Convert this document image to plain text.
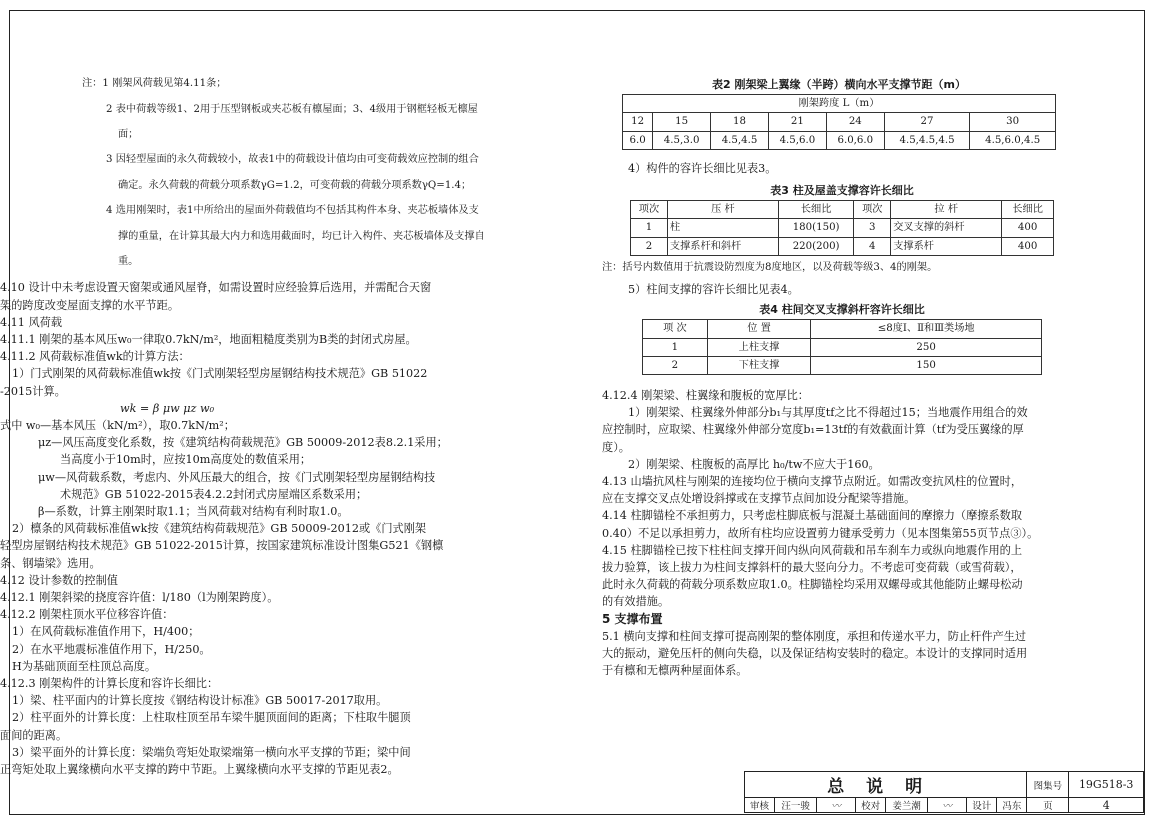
注：1 刚架风荷载见第4.11条；

2 表中荷载等级1、2用于压型钢板或夹芯板有檩屋面；3、4级用于钢框轻板无檩屋

面；

3 因轻型屋面的永久荷载较小，故表1中的荷载设计值均由可变荷载效应控制的组合

确定。永久荷载的荷载分项系数γG=1.2，可变荷载的荷载分项系数γQ=1.4；

4 选用刚架时，表1中所给出的屋面外荷载值均不包括其构件本身、夹芯板墙体及支

撑的重量，在计算其最大内力和选用截面时，均已计入构件、夹芯板墙体及支撑自

重。

4.10 设计中未考虑设置天窗架或通风屋脊，如需设置时应经验算后选用，并需配合天窗

架的跨度改变屋面支撑的水平节距。

4.11 风荷载

4.11.1 刚架的基本风压w₀一律取0.7kN/m²，地面粗糙度类别为B类的封闭式房屋。

4.11.2 风荷载标准值wk的计算方法：

1）门式刚架的风荷载标准值wk按《门式刚架轻型房屋钢结构技术规范》GB 51022

-2015计算。

wk = β μw μz w₀

式中 w₀—基本风压（kN/m²），取0.7kN/m²；

μz—风压高度变化系数，按《建筑结构荷载规范》GB 50009-2012表8.2.1采用；

当高度小于10m时，应按10m高度处的数值采用；

μw—风荷载系数，考虑内、外风压最大的组合，按《门式刚架轻型房屋钢结构技

术规范》GB 51022-2015表4.2.2封闭式房屋端区系数采用；

β—系数，计算主刚架时取1.1；当风荷载对结构有利时取1.0。

2）檩条的风荷载标准值wk按《建筑结构荷载规范》GB 50009-2012或《门式刚架

轻型房屋钢结构技术规范》GB 51022-2015计算，按国家建筑标准设计图集G521《钢檩

条、钢墙梁》选用。

4.12 设计参数的控制值

4.12.1 刚架斜梁的挠度容许值：l/180（l为刚架跨度）。

4.12.2 刚架柱顶水平位移容许值：

1）在风荷载标准值作用下，H/400；

2）在水平地震标准值作用下，H/250。

H为基础顶面至柱顶总高度。

4.12.3 刚架构件的计算长度和容许长细比：

1）梁、柱平面内的计算长度按《钢结构设计标准》GB 50017-2017取用。

2）柱平面外的计算长度：上柱取柱顶至吊车梁牛腿顶面间的距离；下柱取牛腿顶

面间的距离。

3）梁平面外的计算长度：梁端负弯矩处取梁端第一横向水平支撑的节距；梁中间

正弯矩处取上翼缘横向水平支撑的跨中节距。上翼缘横向水平支撑的节距见表2。

表2 刚架梁上翼缘（半跨）横向水平支撑节距（m）

刚架跨度 L（m）						
12	15	18	21	24	27	30
6.0	4.5,3.0	4.5,4.5	4.5,6.0	6.0,6.0	4.5,4.5,4.5	4.5,6.0,4.5

4）构件的容许长细比见表3。

表3 柱及屋盖支撑容许长细比

项次	压 杆	长细比	项次	拉 杆	长细比
1	柱	180(150)	3	交叉支撑的斜杆	400
2	支撑系杆和斜杆	220(200)	4	支撑系杆	400

注：括号内数值用于抗震设防烈度为8度地区，以及荷载等级3、4的刚架。

5）柱间支撑的容许长细比见表4。

表4 柱间交叉支撑斜杆容许长细比

项 次	位 置	≤8度Ⅰ、Ⅱ和Ⅲ类场地
1	上柱支撑	250
2	下柱支撑	150

4.12.4 刚架梁、柱翼缘和腹板的宽厚比：

1）刚架梁、柱翼缘外伸部分b₁与其厚度tf之比不得超过15；当地震作用组合的效

应控制时，应取梁、柱翼缘外伸部分宽度b₁=13tf的有效截面计算（tf为受压翼缘的厚

度）。

2）刚架梁、柱腹板的高厚比 h₀/tw不应大于160。

4.13 山墙抗风柱与刚架的连接均位于横向支撑节点附近。如需改变抗风柱的位置时，

应在支撑交叉点处增设斜撑或在支撑节点间加设分配梁等措施。

4.14 柱脚锚栓不承担剪力，只考虑柱脚底板与混凝土基础面间的摩擦力（摩擦系数取

0.40）不足以承担剪力，故所有柱均应设置剪力键承受剪力（见本图集第55页节点③）。

4.15 柱脚锚栓已按下柱柱间支撑开间内纵向风荷载和吊车刹车力或纵向地震作用的上

拔力验算，该上拔力为柱间支撑斜杆的最大竖向分力。不考虑可变荷载（或雪荷载），

此时永久荷载的荷载分项系数应取1.0。柱脚锚栓均采用双螺母或其他能防止螺母松动

的有效措施。

5 支撑布置

5.1 横向支撑和柱间支撑可提高刚架的整体刚度，承担和传递水平力，防止杆件产生过

大的振动，避免压杆的侧向失稳，以及保证结构安装时的稳定。本设计的支撑同时适用

于有檩和无檩两种屋面体系。

总说明								图集号	19G518-3
审核	汪一骏	〰	校对	姜兰潮	〰	设计	冯东	页	4
